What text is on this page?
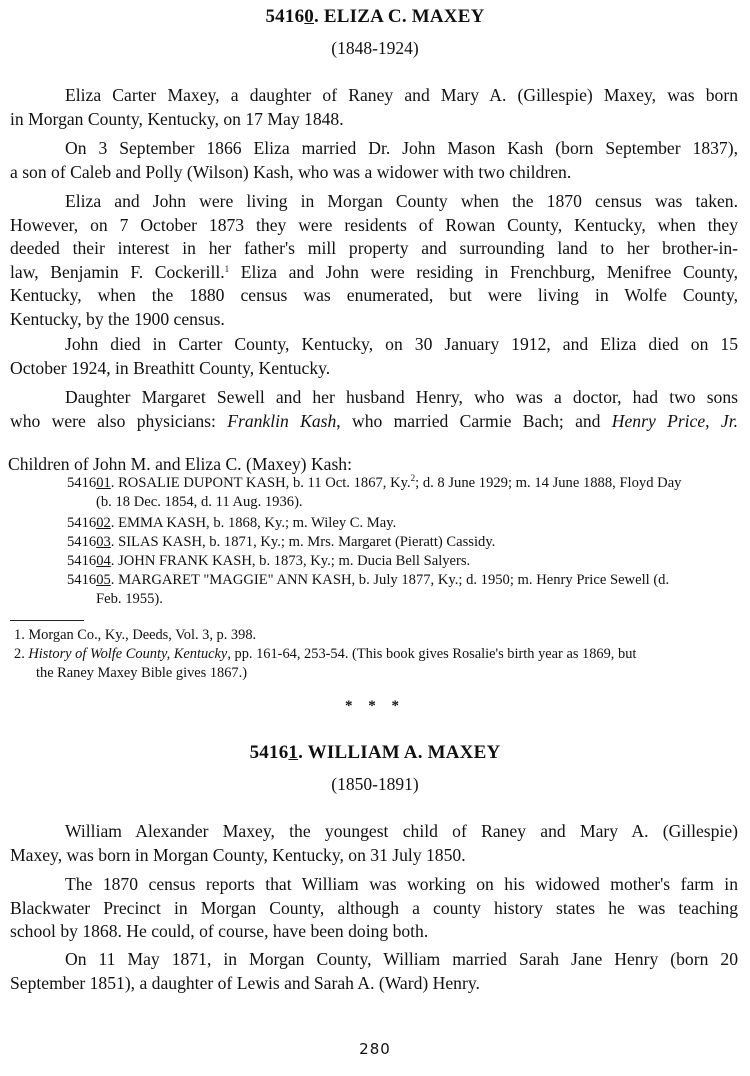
54160. ELIZA C. MAXEY
(1848-1924)
Eliza Carter Maxey, a daughter of Raney and Mary A. (Gillespie) Maxey, was born
in Morgan County, Kentucky, on 17 May 1848.
On 3 September 1866 Eliza married Dr. John Mason Kash (born September 1837),
a son of Caleb and Polly (Wilson) Kash, who was a widower with two children.
Eliza and John were living in Morgan County when the 1870 census was taken.
However, on 7 October 1873 they were residents of Rowan County, Kentucky, when they
deeded their interest in her father's mill property and surrounding land to her brother-in-
law, Benjamin F. Cockerill.$^1$ Eliza and John were residing in Frenchburg, Menifree County,
Kentucky, when the 1880 census was enumerated, but were living in Wolfe County,
Kentucky, by the 1900 census.
John died in Carter County, Kentucky, on 30 January 1912, and Eliza died on 15
October 1924, in Breathitt County, Kentucky.
Daughter Margaret Sewell and her husband Henry, who was a doctor, had two sons
who were also physicians: Franklin Kash, who married Carmie Bach; and Henry Price, Jr.
Children of John M. and Eliza C. (Maxey) Kash:
541601. ROSALIE DUPONT KASH, b. 11 Oct. 1867, Ky.$^2$; d. 8 June 1929; m. 14 June 1888, Floyd Day
(b. 18 Dec. 1854, d. 11 Aug. 1936).
541602. EMMA KASH, b. 1868, Ky.; m. Wiley C. May.
541603. SILAS KASH, b. 1871, Ky.; m. Mrs. Margaret (Pieratt) Cassidy.
541604. JOHN FRANK KASH, b. 1873, Ky.; m. Ducia Bell Salyers.
541605. MARGARET "MAGGIE" ANN KASH, b. July 1877, Ky.; d. 1950; m. Henry Price Sewell (d.
Feb. 1955).
1. Morgan Co., Ky., Deeds, Vol. 3, p. 398.
2. History of Wolfe County, Kentucky, pp. 161-64, 253-54. (This book gives Rosalie's birth year as 1869, but
the Raney Maxey Bible gives 1867.)
* * *
54161. WILLIAM A. MAXEY
(1850-1891)
William Alexander Maxey, the youngest child of Raney and Mary A. (Gillespie)
Maxey, was born in Morgan County, Kentucky, on 31 July 1850.
The 1870 census reports that William was working on his widowed mother's farm in
Blackwater Precinct in Morgan County, although a county history states he was teaching
school by 1868. He could, of course, have been doing both.
On 11 May 1871, in Morgan County, William married Sarah Jane Henry (born 20
September 1851), a daughter of Lewis and Sarah A. (Ward) Henry.
280
